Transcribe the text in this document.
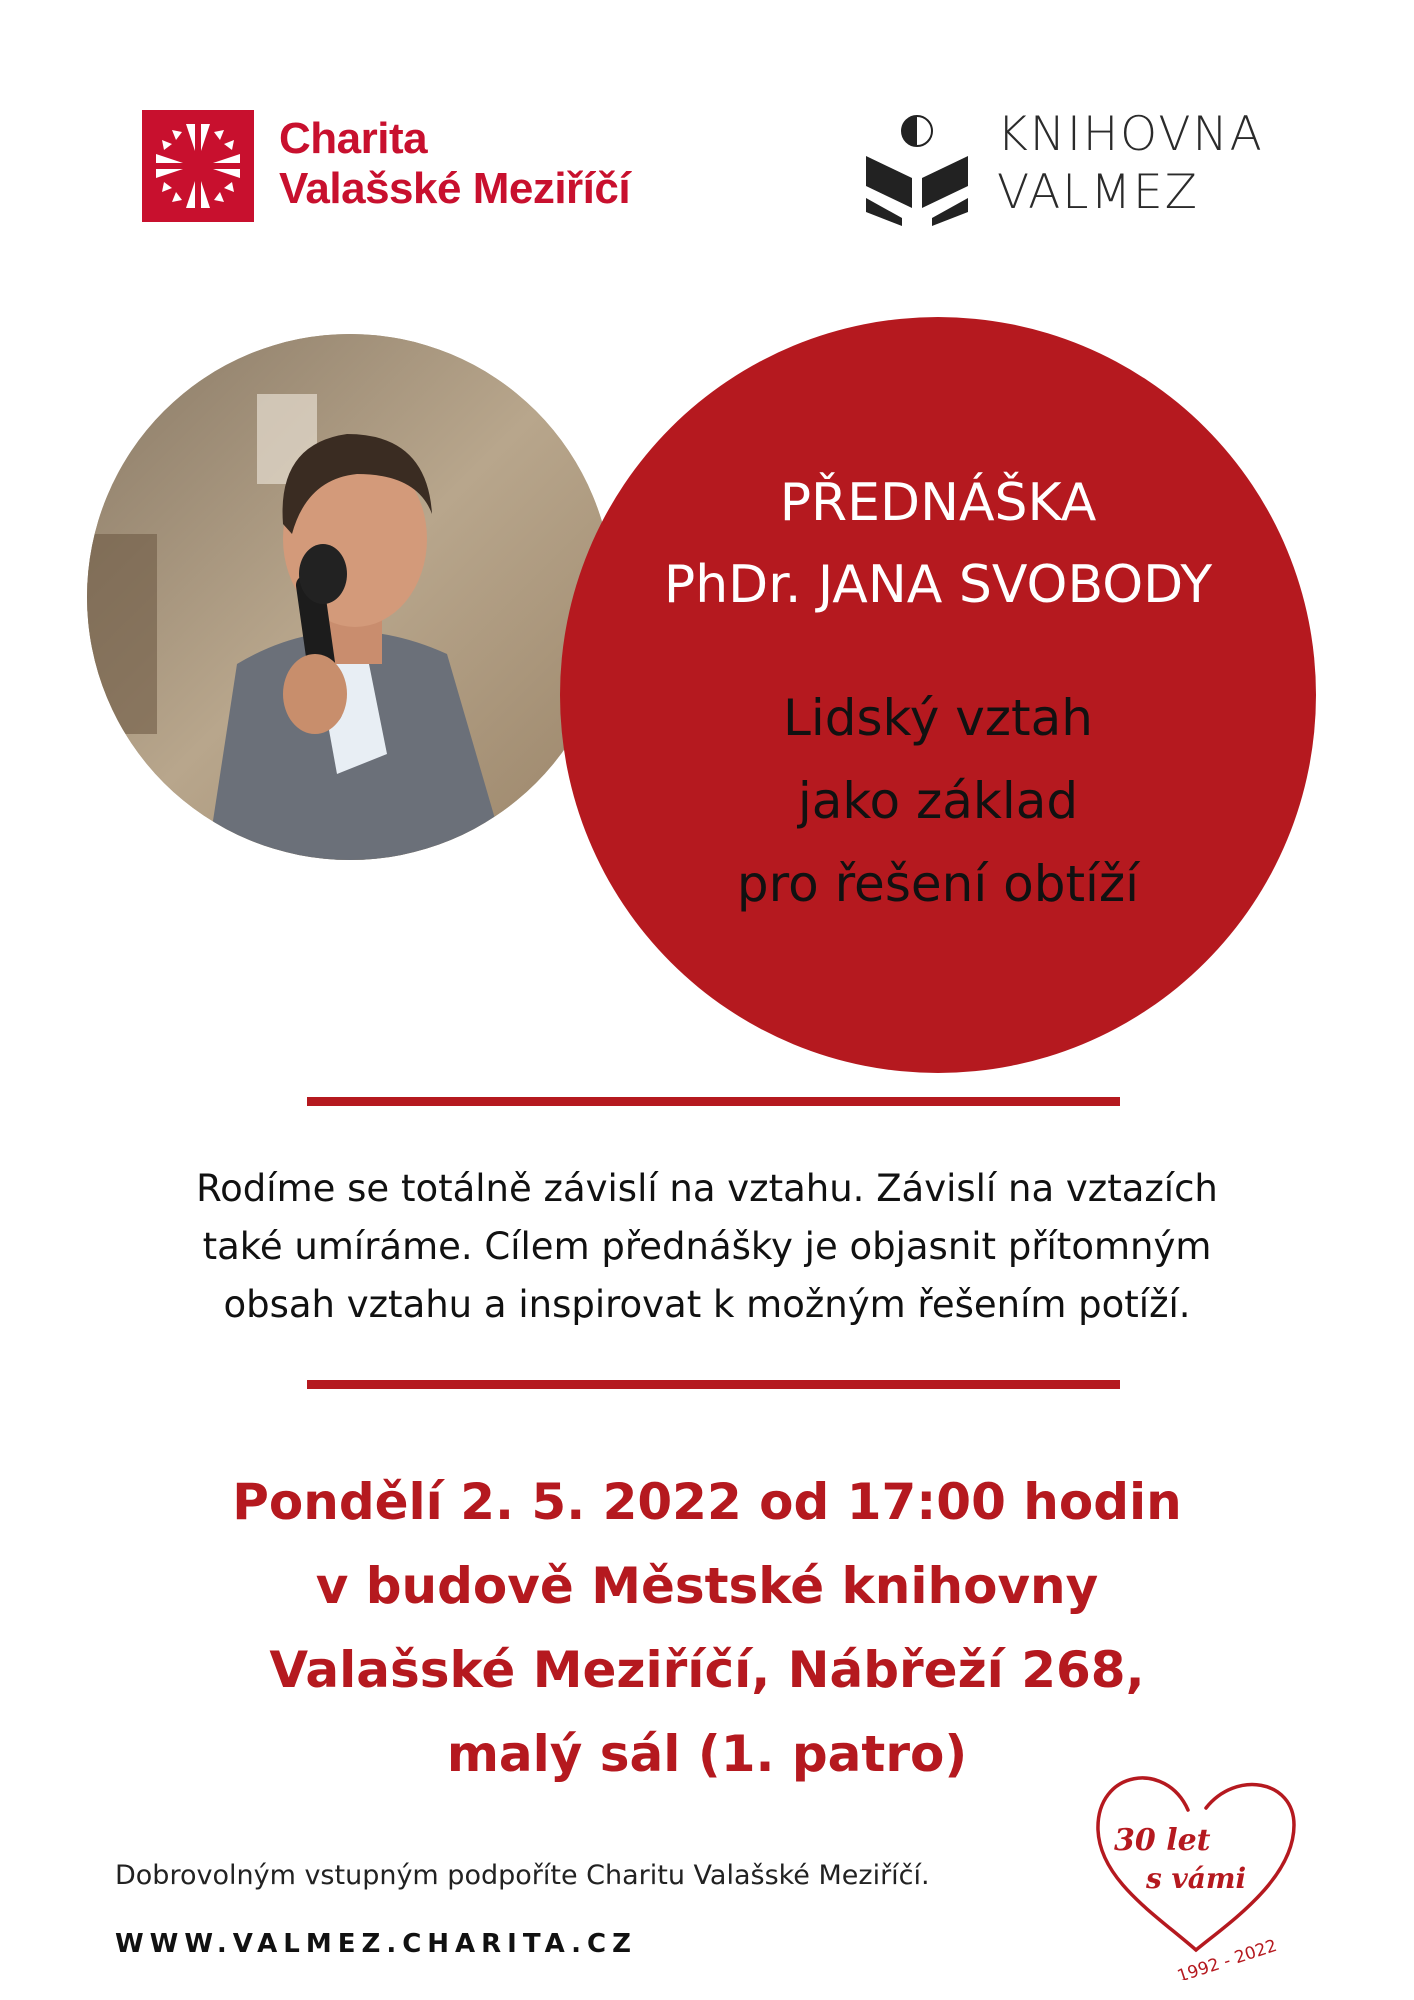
Charita
Valašské Meziříčí
KNIHOVNA
VALMEZ
PŘEDNÁŠKA
PhDr. JANA SVOBODY
Lidský vztah
jako základ
pro řešení obtíží
Rodíme se totálně závislí na vztahu. Závislí na vztazích
také umíráme. Cílem přednášky je objasnit přítomným
obsah vztahu a inspirovat k možným řešením potíží.
Pondělí 2. 5. 2022 od 17:00 hodin
v budově Městské knihovny
Valašské Meziříčí, Nábřeží 268,
malý sál (1. patro)
Dobrovolným vstupným podpoříte Charitu Valašské Meziříčí.
WWW.VALMEZ.CHARITA.CZ
30 let
s vámi
1992 - 2022
